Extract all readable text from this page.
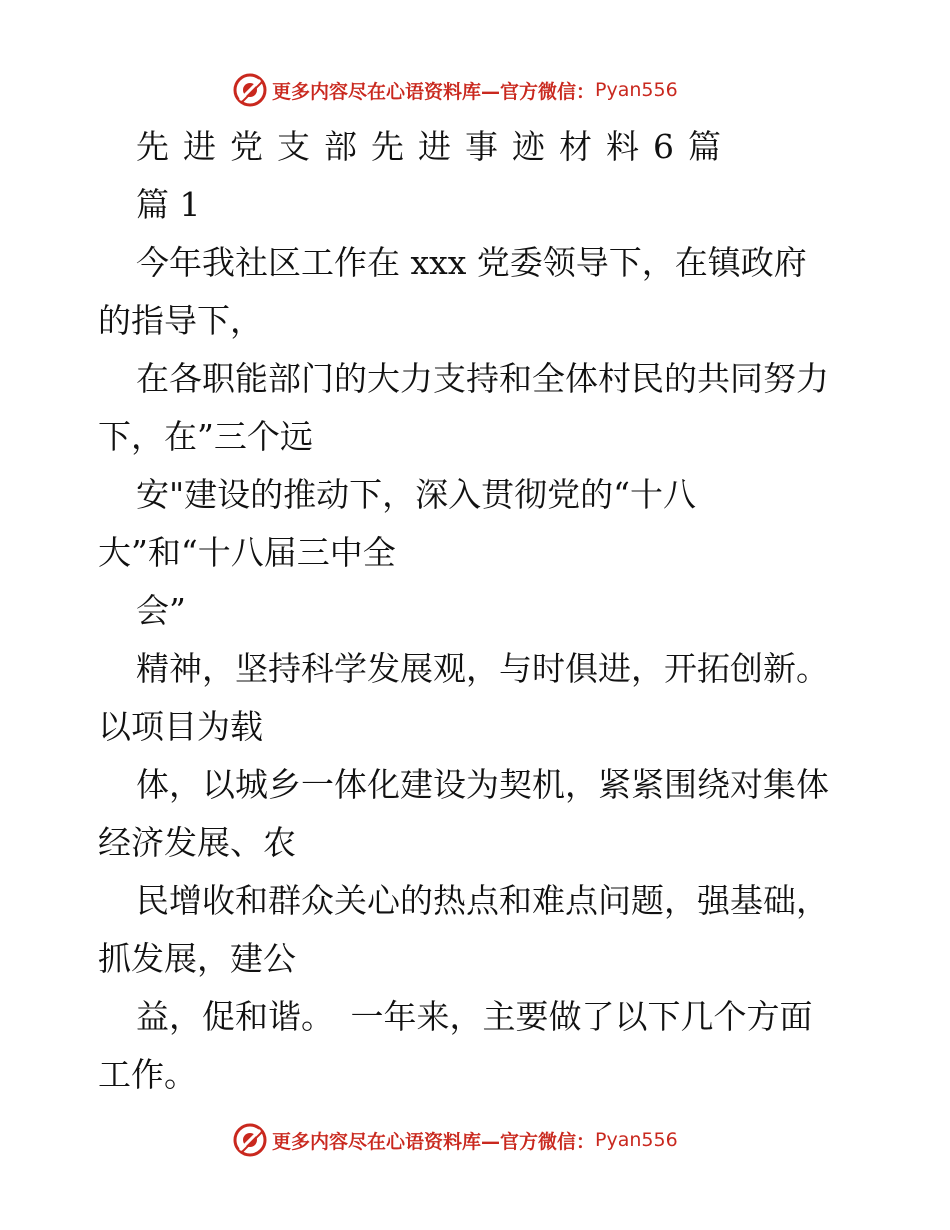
更多内容尽在心语资料库—官方微信： Pyan556
先进党支部先进事迹材料6篇
篇 1
今年我社区工作在 xxx 党委领导下，在镇政府
的指导下，
在各职能部门的大力支持和全体村民的共同努力
下，在”三个远
安"建设的推动下，深入贯彻党的“十八
大”和“十八届三中全
会”
精神，坚持科学发展观，与时俱进，开拓创新。
以项目为载
体，以城乡一体化建设为契机，紧紧围绕对集体
经济发展、农
民增收和群众关心的热点和难点问题，强基础，
抓发展，建公
益，促和谐。　一年来，主要做了以下几个方面
工作。
更多内容尽在心语资料库—官方微信： Pyan556
